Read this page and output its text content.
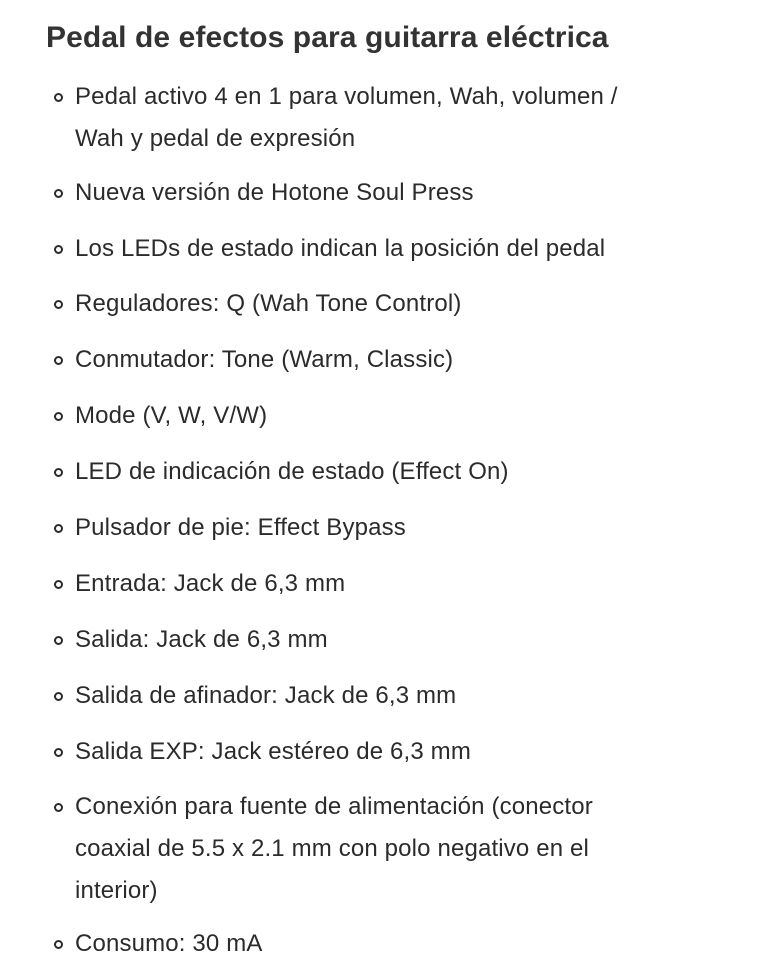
Pedal de efectos para guitarra eléctrica
Pedal activo 4 en 1 para volumen, Wah, volumen /
Wah y pedal de expresión
Nueva versión de Hotone Soul Press
Los LEDs de estado indican la posición del pedal
Reguladores: Q (Wah Tone Control)
Conmutador: Tone (Warm, Classic)
Mode (V, W, V/W)
LED de indicación de estado (Effect On)
Pulsador de pie: Effect Bypass
Entrada: Jack de 6,3 mm
Salida: Jack de 6,3 mm
Salida de afinador: Jack de 6,3 mm
Salida EXP: Jack estéreo de 6,3 mm
Conexión para fuente de alimentación (conector
coaxial de 5.5 x 2.1 mm con polo negativo en el
interior)
Consumo: 30 mA
